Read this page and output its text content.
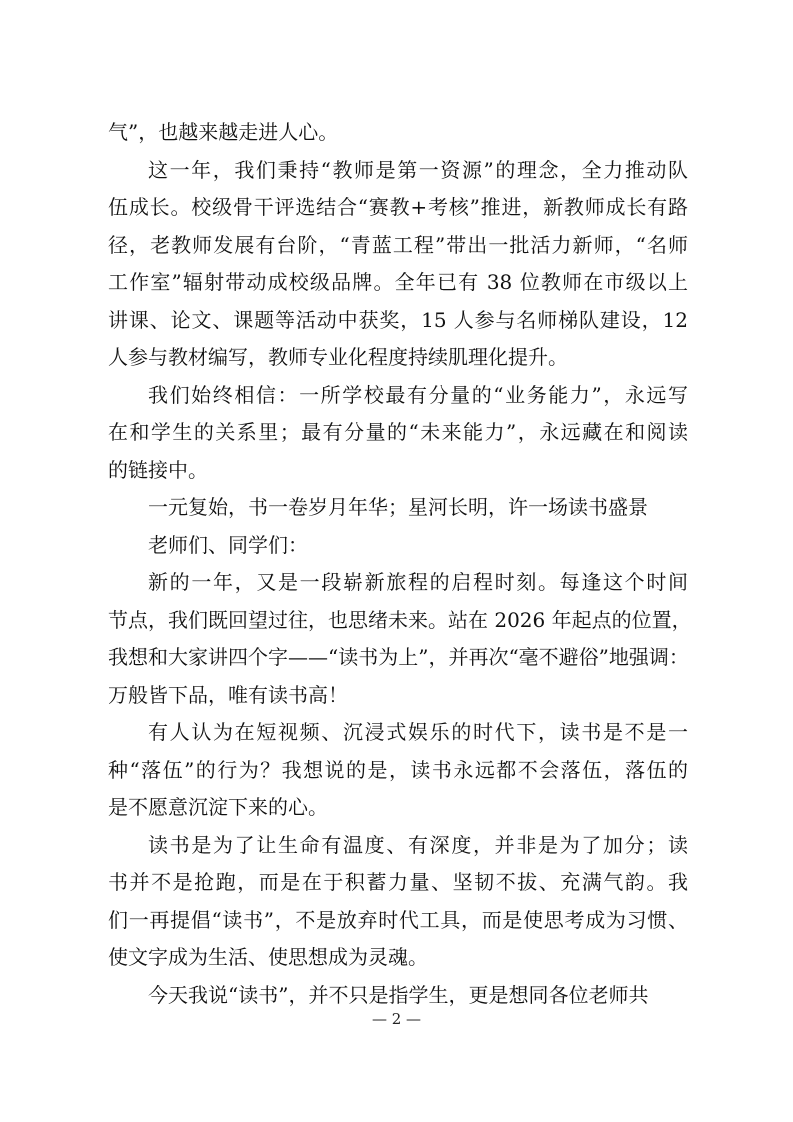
气”，也越来越走进人心。
这一年，我们秉持“教师是第一资源”的理念，全力推动队
伍成长。校级骨干评选结合“赛教+考核”推进，新教师成长有路
径，老教师发展有台阶，“青蓝工程”带出一批活力新师，“名师
工作室”辐射带动成校级品牌。全年已有 38 位教师在市级以上
讲课、论文、课题等活动中获奖，15 人参与名师梯队建设，12
人参与教材编写，教师专业化程度持续肌理化提升。
我们始终相信：一所学校最有分量的“业务能力”，永远写
在和学生的关系里；最有分量的“未来能力”，永远藏在和阅读
的链接中。
一元复始，书一卷岁月年华；星河长明，许一场读书盛景
老师们、同学们：
新的一年，又是一段崭新旅程的启程时刻。每逢这个时间
节点，我们既回望过往，也思绪未来。站在 2026 年起点的位置，
我想和大家讲四个字——“读书为上”，并再次“毫不避俗”地强调：
万般皆下品，唯有读书高！
有人认为在短视频、沉浸式娱乐的时代下，读书是不是一
种“落伍”的行为？我想说的是，读书永远都不会落伍，落伍的
是不愿意沉淀下来的心。
读书是为了让生命有温度、有深度，并非是为了加分；读
书并不是抢跑，而是在于积蓄力量、坚韧不拔、充满气韵。我
们一再提倡“读书”，不是放弃时代工具，而是使思考成为习惯、
使文字成为生活、使思想成为灵魂。
今天我说“读书”，并不只是指学生，更是想同各位老师共
— 2 —
